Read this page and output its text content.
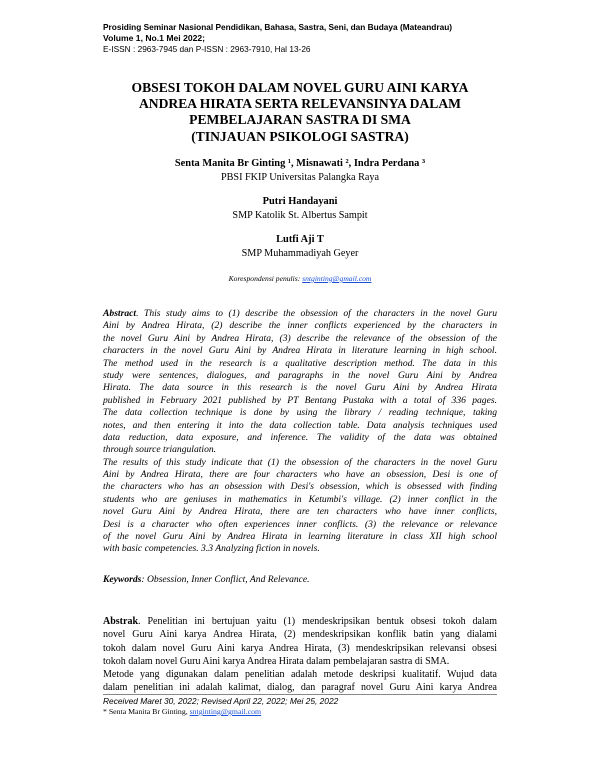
Prosiding Seminar Nasional Pendidikan, Bahasa, Sastra, Seni, dan Budaya (Mateandrau)
Volume 1, No.1 Mei 2022;
E-ISSN : 2963-7945 dan P-ISSN : 2963-7910, Hal 13-26
OBSESI TOKOH DALAM NOVEL GURU AINI KARYA
ANDREA HIRATA SERTA RELEVANSINYA DALAM
PEMBELAJARAN SASTRA DI SMA
(TINJAUAN PSIKOLOGI SASTRA)
Senta Manita Br Ginting ¹, Misnawati ², Indra Perdana ³
PBSI FKIP Universitas Palangka Raya
Putri Handayani
SMP Katolik St. Albertus Sampit
Lutfi Aji T
SMP Muhammadiyah Geyer
Korespondensi penulis: sntginting@gmail.com
Abstract. This study aims to (1) describe the obsession of the characters in the novel Guru
Aini by Andrea Hirata, (2) describe the inner conflicts experienced by the characters in
the novel Guru Aini by Andrea Hirata, (3) describe the relevance of the obsession of the
characters in the novel Guru Aini by Andrea Hirata in literature learning in high school.
The method used in the research is a qualitative description method. The data in this
study were sentences, dialogues, and paragraphs in the novel Guru Aini by Andrea
Hirata. The data source in this research is the novel Guru Aini by Andrea Hirata
published in February 2021 published by PT Bentang Pustaka with a total of 336 pages.
The data collection technique is done by using the library / reading technique, taking
notes, and then entering it into the data collection table. Data analysis techniques used
data reduction, data exposure, and inference. The validity of the data was obtained
through source triangulation.
The results of this study indicate that (1) the obsession of the characters in the novel Guru
Aini by Andrea Hirata, there are four characters who have an obsession, Desi is one of
the characters who has an obsession with Desi's obsession, which is obsessed with finding
students who are geniuses in mathematics in Ketumbi's village. (2) inner conflict in the
novel Guru Aini by Andrea Hirata, there are ten characters who have inner conflicts,
Desi is a character who often experiences inner conflicts. (3) the relevance or relevance
of the novel Guru Aini by Andrea Hirata in learning literature in class XII high school
with basic competencies. 3.3 Analyzing fiction in novels.
Keywords: Obsession, Inner Conflict, And Relevance.
Abstrak. Penelitian ini bertujuan yaitu (1) mendeskripsikan bentuk obsesi tokoh dalam
novel Guru Aini karya Andrea Hirata, (2) mendeskripsikan konflik batin yang dialami
tokoh dalam novel Guru Aini karya Andrea Hirata, (3) mendeskripsikan relevansi obsesi
tokoh dalam novel Guru Aini karya Andrea Hirata dalam pembelajaran sastra di SMA.
Metode yang digunakan dalam penelitian adalah metode deskripsi kualitatif. Wujud data
dalam penelitian ini adalah kalimat, dialog, dan paragraf novel Guru Aini karya Andrea
Received Maret 30, 2022; Revised April 22, 2022; Mei 25, 2022
* Senta Manita Br Ginting, sntginting@gmail.com
